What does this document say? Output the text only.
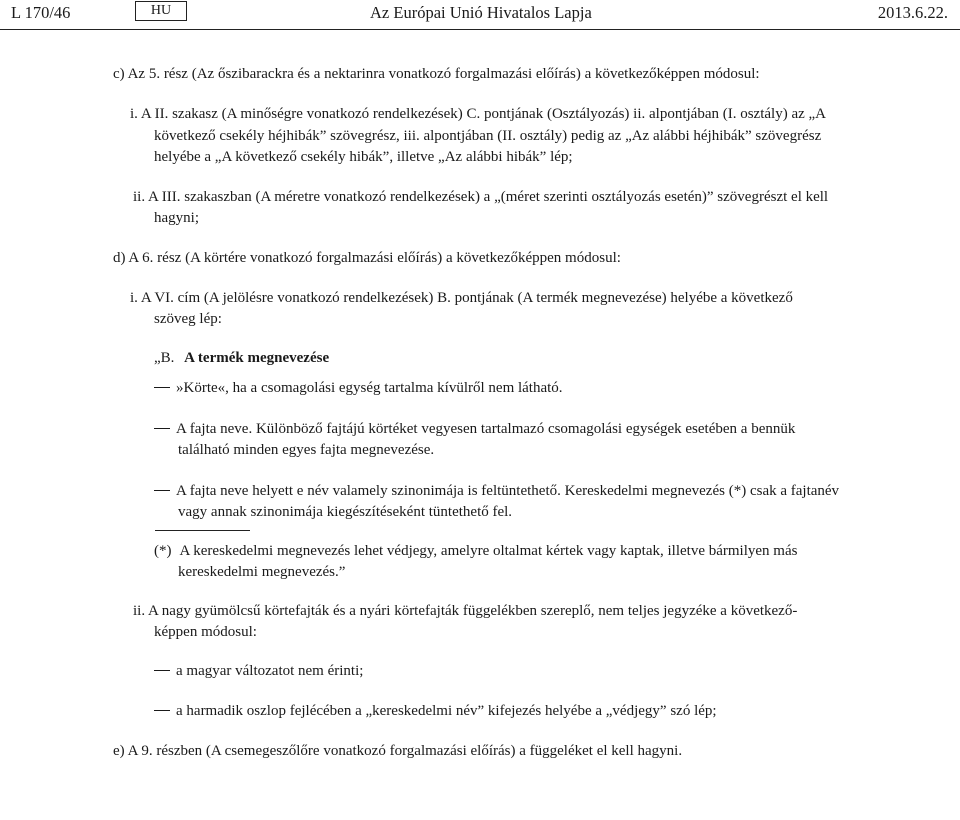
L 170/46	HU	Az Európai Unió Hivatalos Lapja	2013.6.22.
c) Az 5. rész (Az őszibarackra és a nektarinra vonatkozó forgalmazási előírás) a következőképpen módosul:
i. A II. szakasz (A minőségre vonatkozó rendelkezések) C. pontjának (Osztályozás) ii. alpontjában (I. osztály) az „A
következő csekély héjhibák” szövegrész, iii. alpontjában (II. osztály) pedig az „Az alábbi héjhibák” szövegrész
helyébe a „A következő csekély hibák”, illetve „Az alábbi hibák” lép;
ii. A III. szakaszban (A méretre vonatkozó rendelkezések) a „(méret szerinti osztályozás esetén)” szövegrészt el kell
hagyni;
d) A 6. rész (A körtére vonatkozó forgalmazási előírás) a következőképpen módosul:
i. A VI. cím (A jelölésre vonatkozó rendelkezések) B. pontjának (A termék megnevezése) helyébe a következő
szöveg lép:
„B. A termék megnevezése
»Körte«, ha a csomagolási egység tartalma kívülről nem látható.
A fajta neve. Különböző fajtájú körtéket vegyesen tartalmazó csomagolási egységek esetében a bennük
található minden egyes fajta megnevezése.
A fajta neve helyett e név valamely szinonimája is feltüntethető. Kereskedelmi megnevezés (*) csak a fajtanév
vagy annak szinonimája kiegészítéseként tüntethető fel.
(*) A kereskedelmi megnevezés lehet védjegy, amelyre oltalmat kértek vagy kaptak, illetve bármilyen más
kereskedelmi megnevezés.”
ii. A nagy gyümölcsű körtefajták és a nyári körtefajták függelékben szereplő, nem teljes jegyzéke a következő-
képpen módosul:
a magyar változatot nem érinti;
a harmadik oszlop fejlécében a „kereskedelmi név” kifejezés helyébe a „védjegy” szó lép;
e) A 9. részben (A csemegeszőlőre vonatkozó forgalmazási előírás) a függeléket el kell hagyni.
